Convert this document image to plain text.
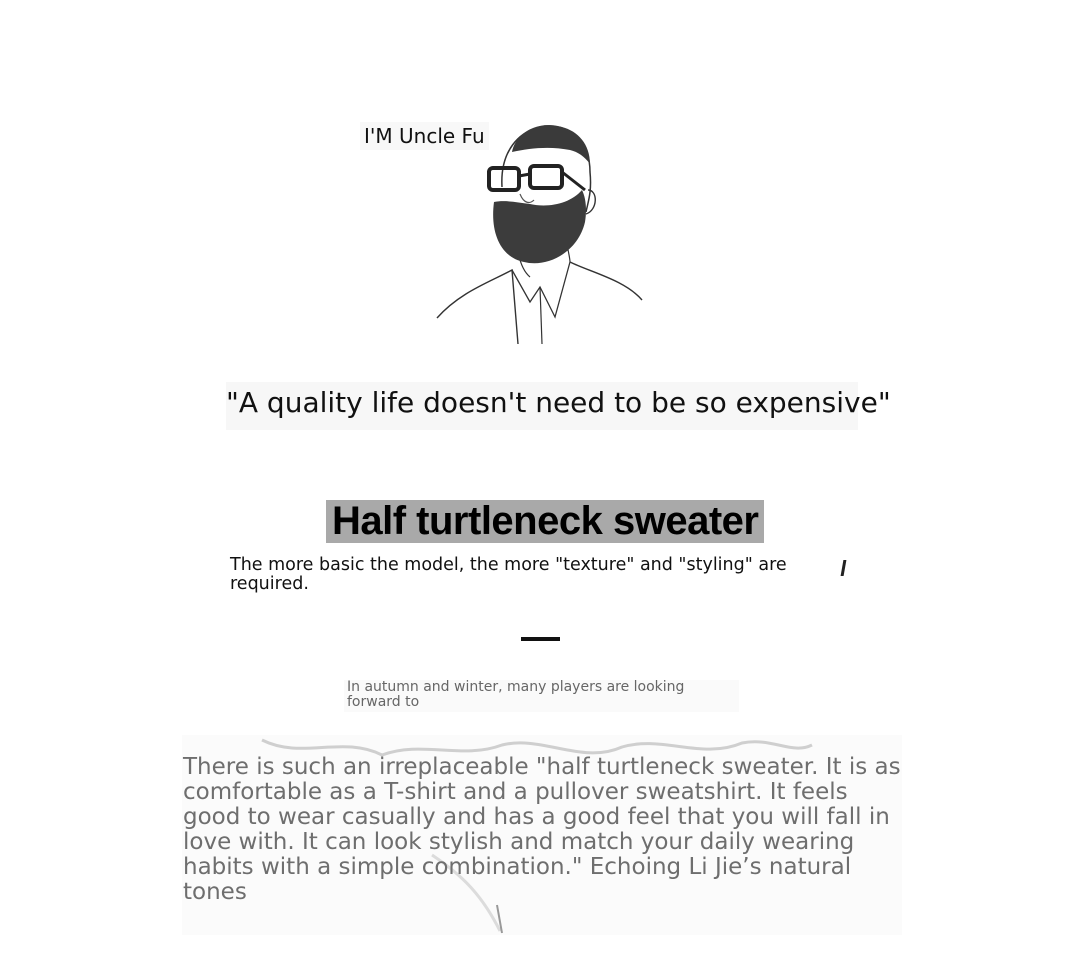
I'M Uncle Fu
"A quality life doesn't need to be so expensive"
Half turtleneck sweater
The more basic the model, the more "texture" and "styling" are required.
In autumn and winter, many players are looking forward to
There is such an irreplaceable "half turtleneck sweater. It is as comfortable as a T-shirt and a pullover sweatshirt. It feels good to wear casually and has a good feel that you will fall in love with. It can look stylish and match your daily wearing habits with a simple combination." Echoing Li Jie’s natural tones
